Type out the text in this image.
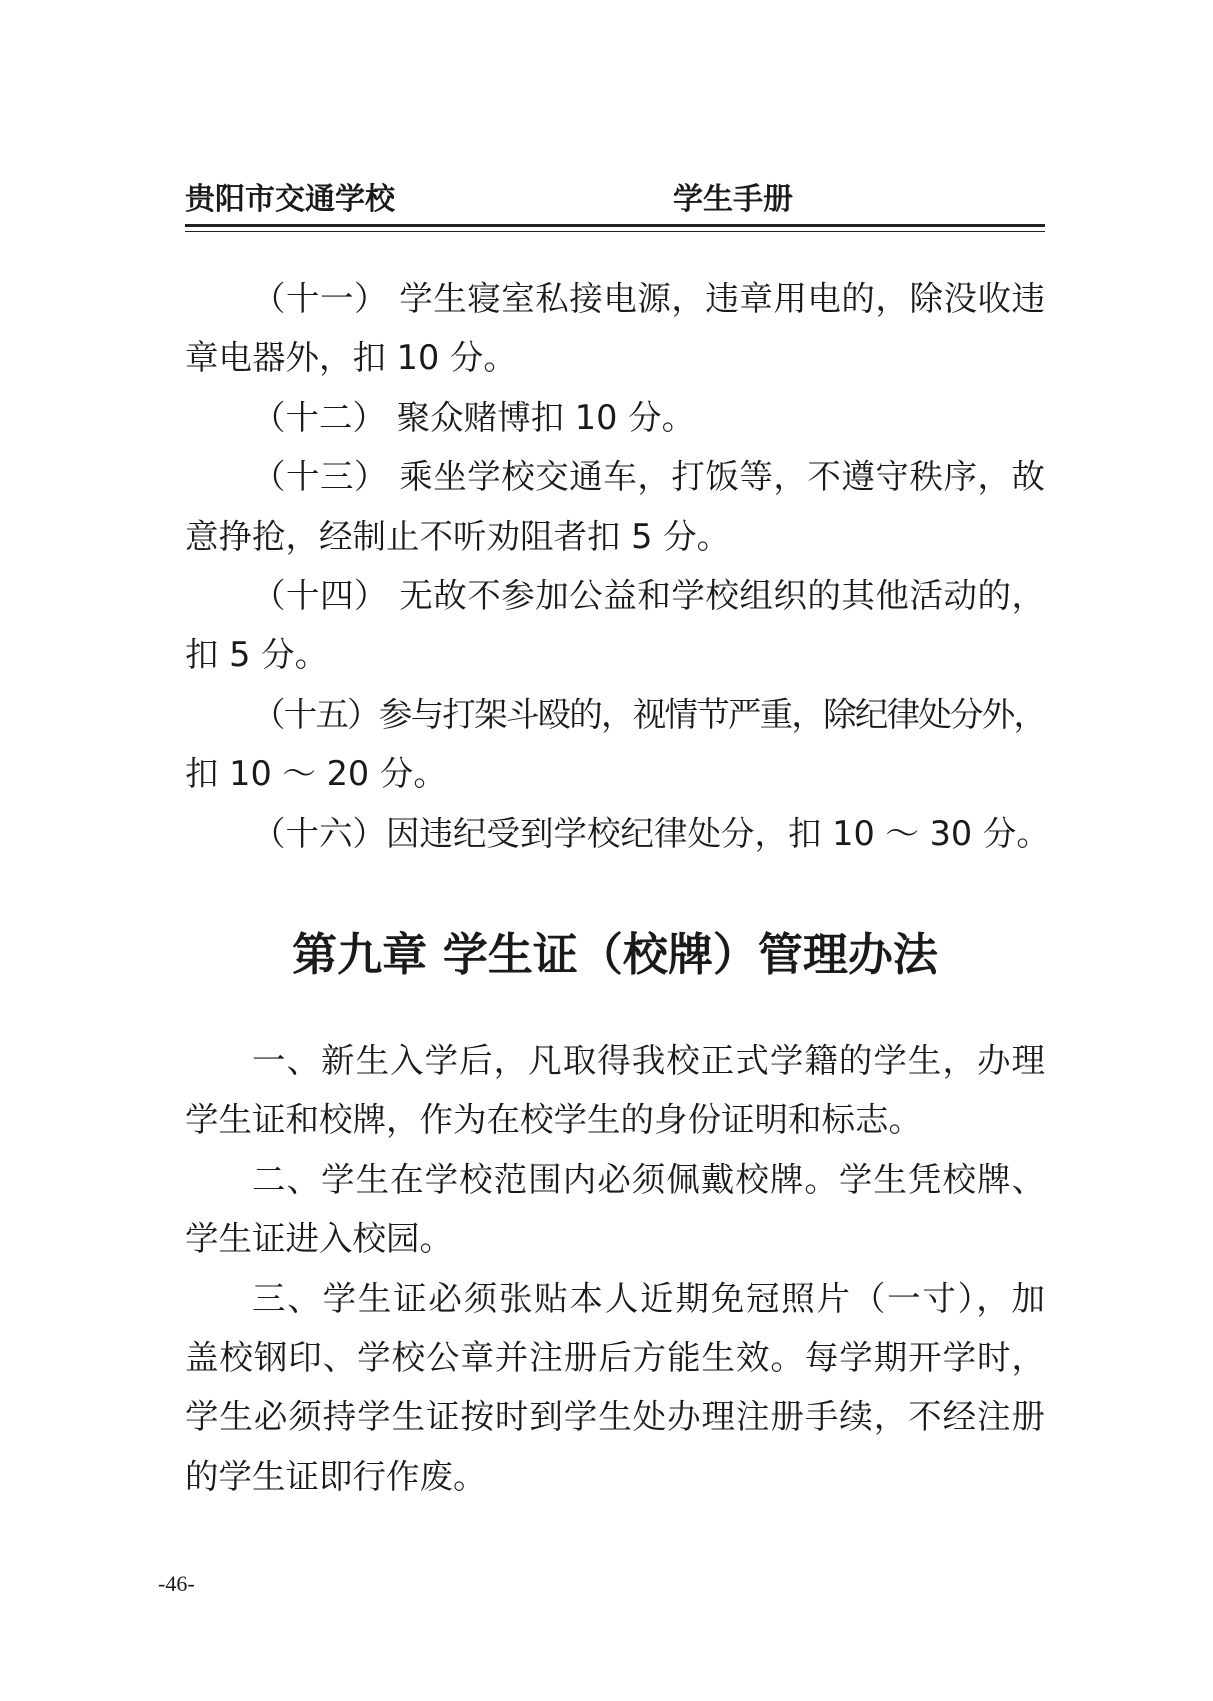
贵阳市交通学校	学生手册
（十一） 学生寝室私接电源，违章用电的，除没收违
章电器外，扣 10 分。
（十二） 聚众赌博扣 10 分。
（十三） 乘坐学校交通车，打饭等，不遵守秩序，故
意挣抢，经制止不听劝阻者扣 5 分。
（十四） 无故不参加公益和学校组织的其他活动的，
扣 5 分。
（十五）参与打架斗殴的，视情节严重，除纪律处分外，
扣 10 ～ 20 分。
（十六）因违纪受到学校纪律处分，扣 10 ～ 30 分。
第九章 学生证（校牌）管理办法
一、新生入学后，凡取得我校正式学籍的学生，办理
学生证和校牌，作为在校学生的身份证明和标志。
二、学生在学校范围内必须佩戴校牌。学生凭校牌、
学生证进入校园。
三、学生证必须张贴本人近期免冠照片（一寸），加
盖校钢印、学校公章并注册后方能生效。每学期开学时，
学生必须持学生证按时到学生处办理注册手续，不经注册
的学生证即行作废。
-46-
